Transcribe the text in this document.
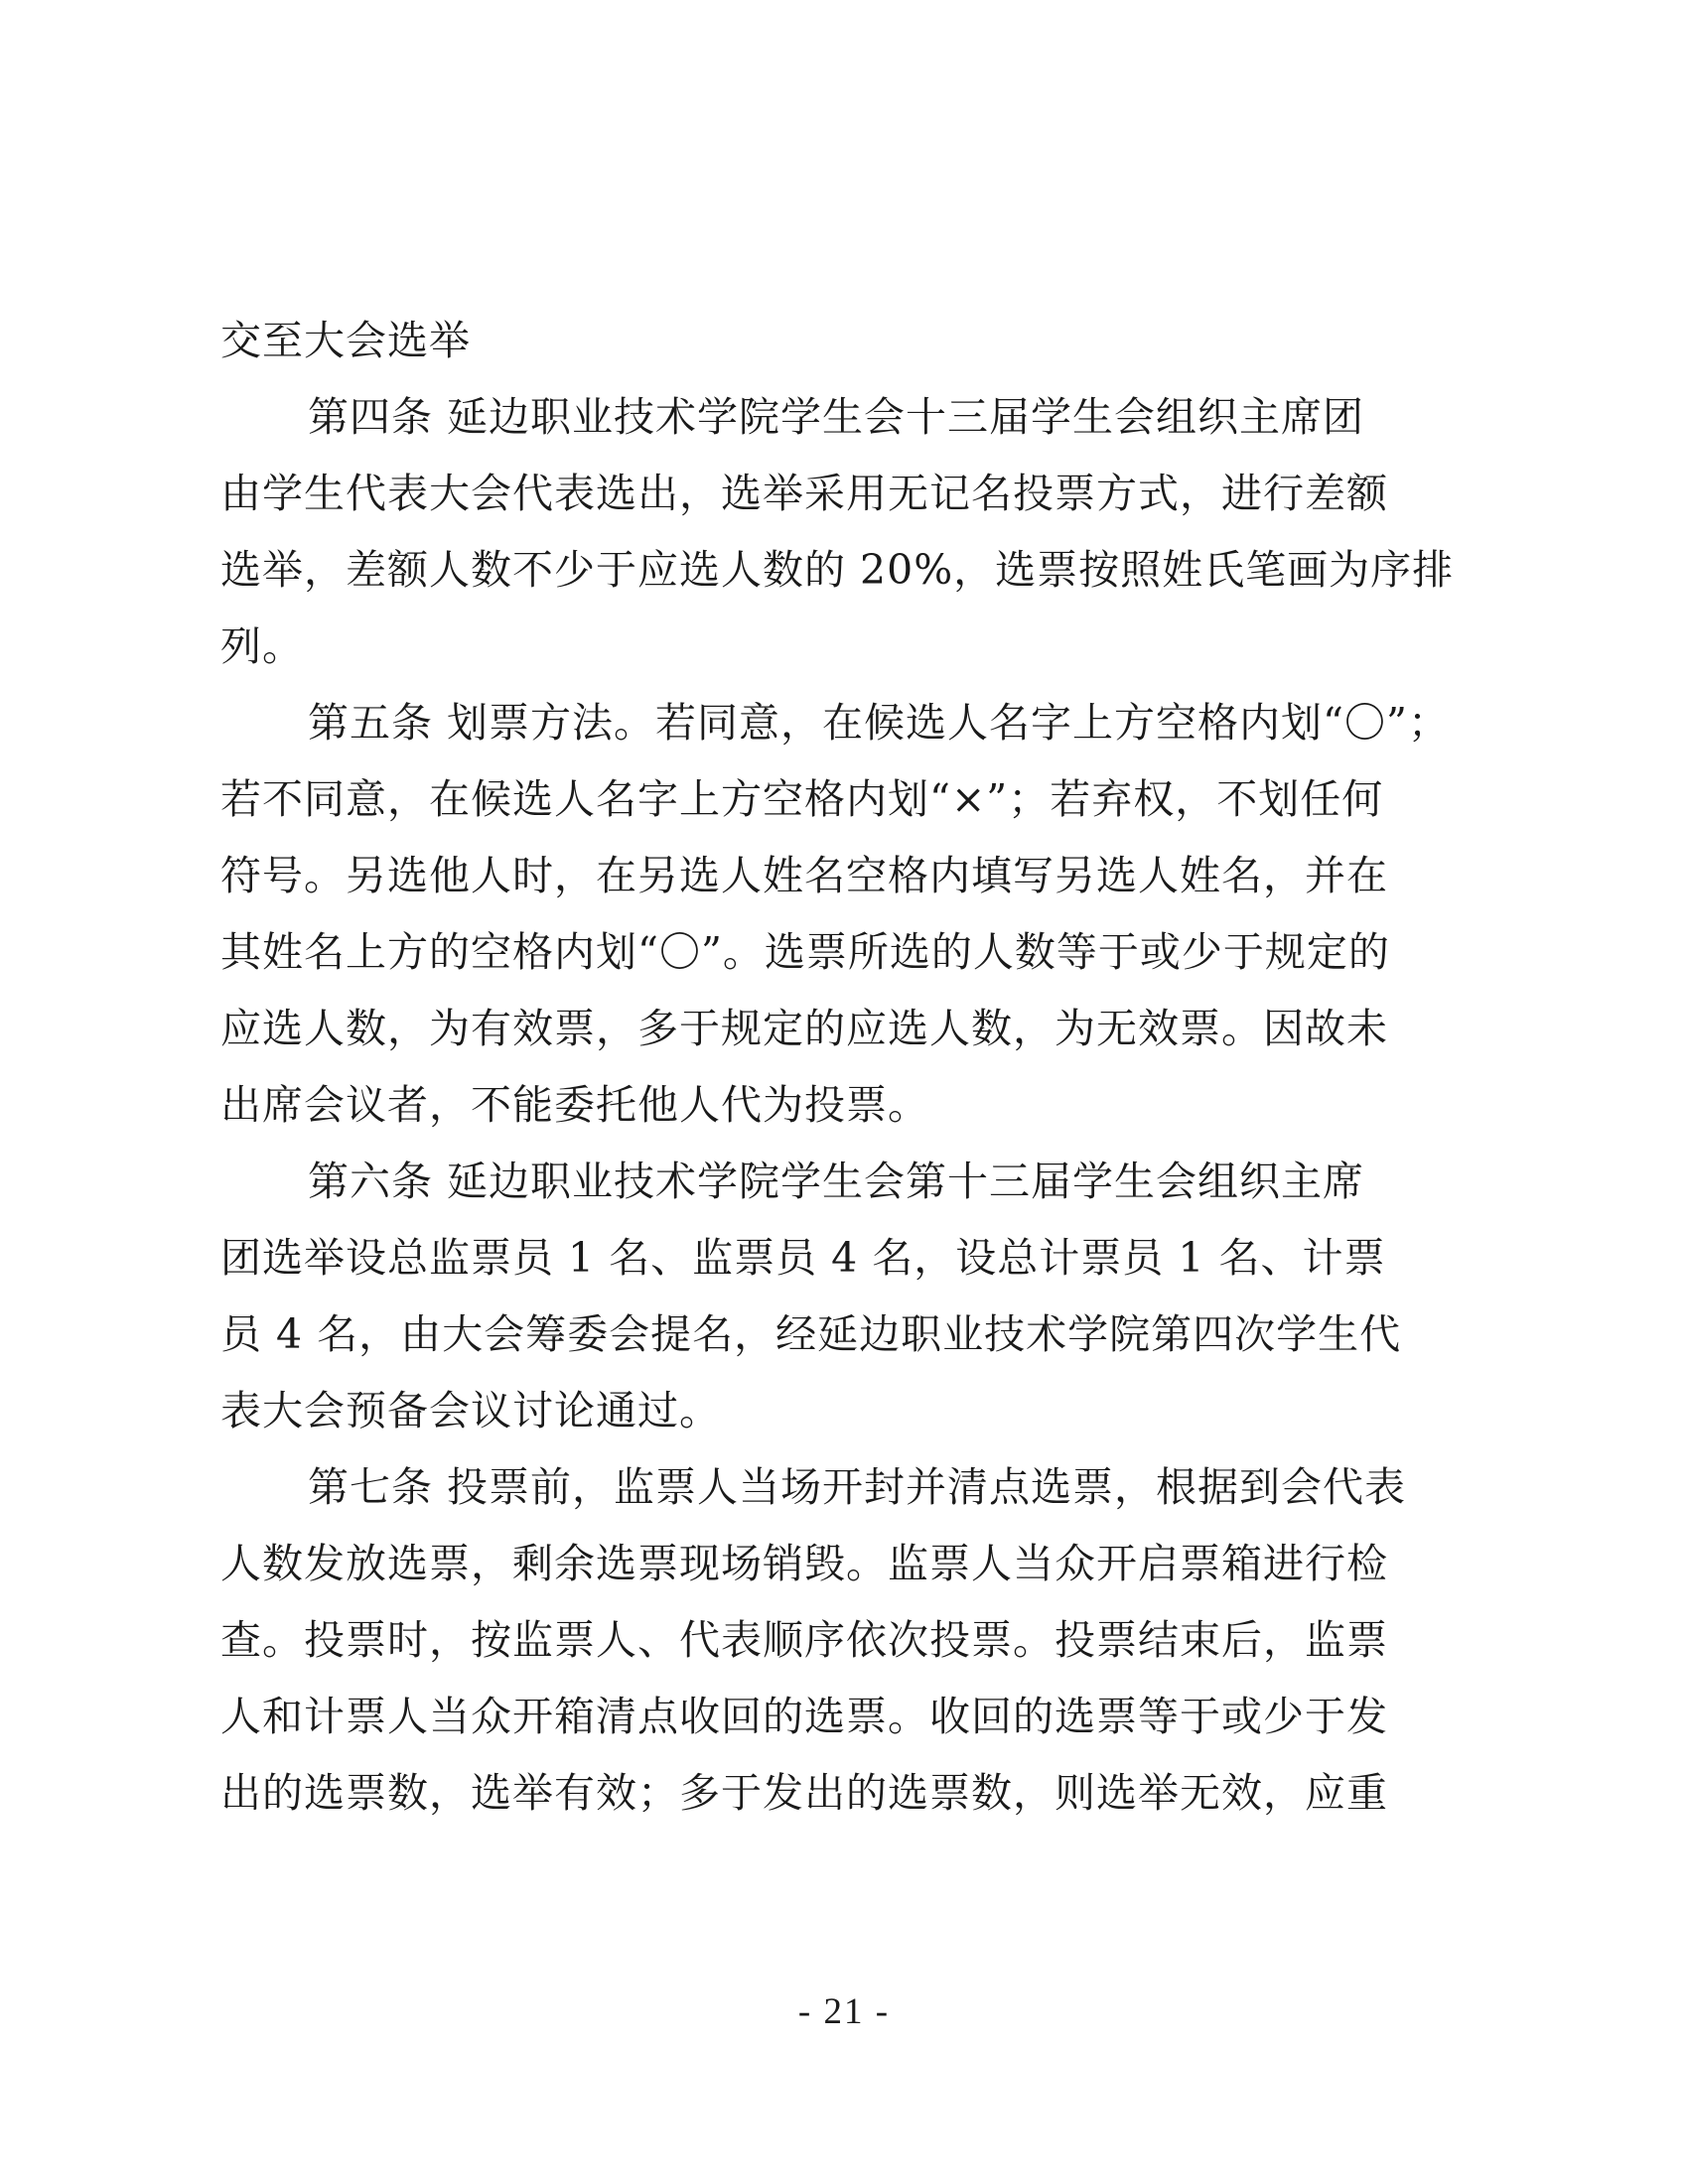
交至大会选举
第四条 延边职业技术学院学生会十三届学生会组织主席团
由学生代表大会代表选出，选举采用无记名投票方式，进行差额
选举，差额人数不少于应选人数的 20%，选票按照姓氏笔画为序排
列。
第五条 划票方法。若同意，在候选人名字上方空格内划“〇”；
若不同意，在候选人名字上方空格内划“×”；若弃权，不划任何
符号。另选他人时，在另选人姓名空格内填写另选人姓名，并在
其姓名上方的空格内划“〇”。选票所选的人数等于或少于规定的
应选人数，为有效票，多于规定的应选人数，为无效票。因故未
出席会议者，不能委托他人代为投票。
第六条 延边职业技术学院学生会第十三届学生会组织主席
团选举设总监票员 1 名、监票员 4 名，设总计票员 1 名、计票
员 4 名，由大会筹委会提名，经延边职业技术学院第四次学生代
表大会预备会议讨论通过。
第七条 投票前，监票人当场开封并清点选票，根据到会代表
人数发放选票，剩余选票现场销毁。监票人当众开启票箱进行检
查。投票时，按监票人、代表顺序依次投票。投票结束后，监票
人和计票人当众开箱清点收回的选票。收回的选票等于或少于发
出的选票数，选举有效；多于发出的选票数，则选举无效，应重
- 21 -
